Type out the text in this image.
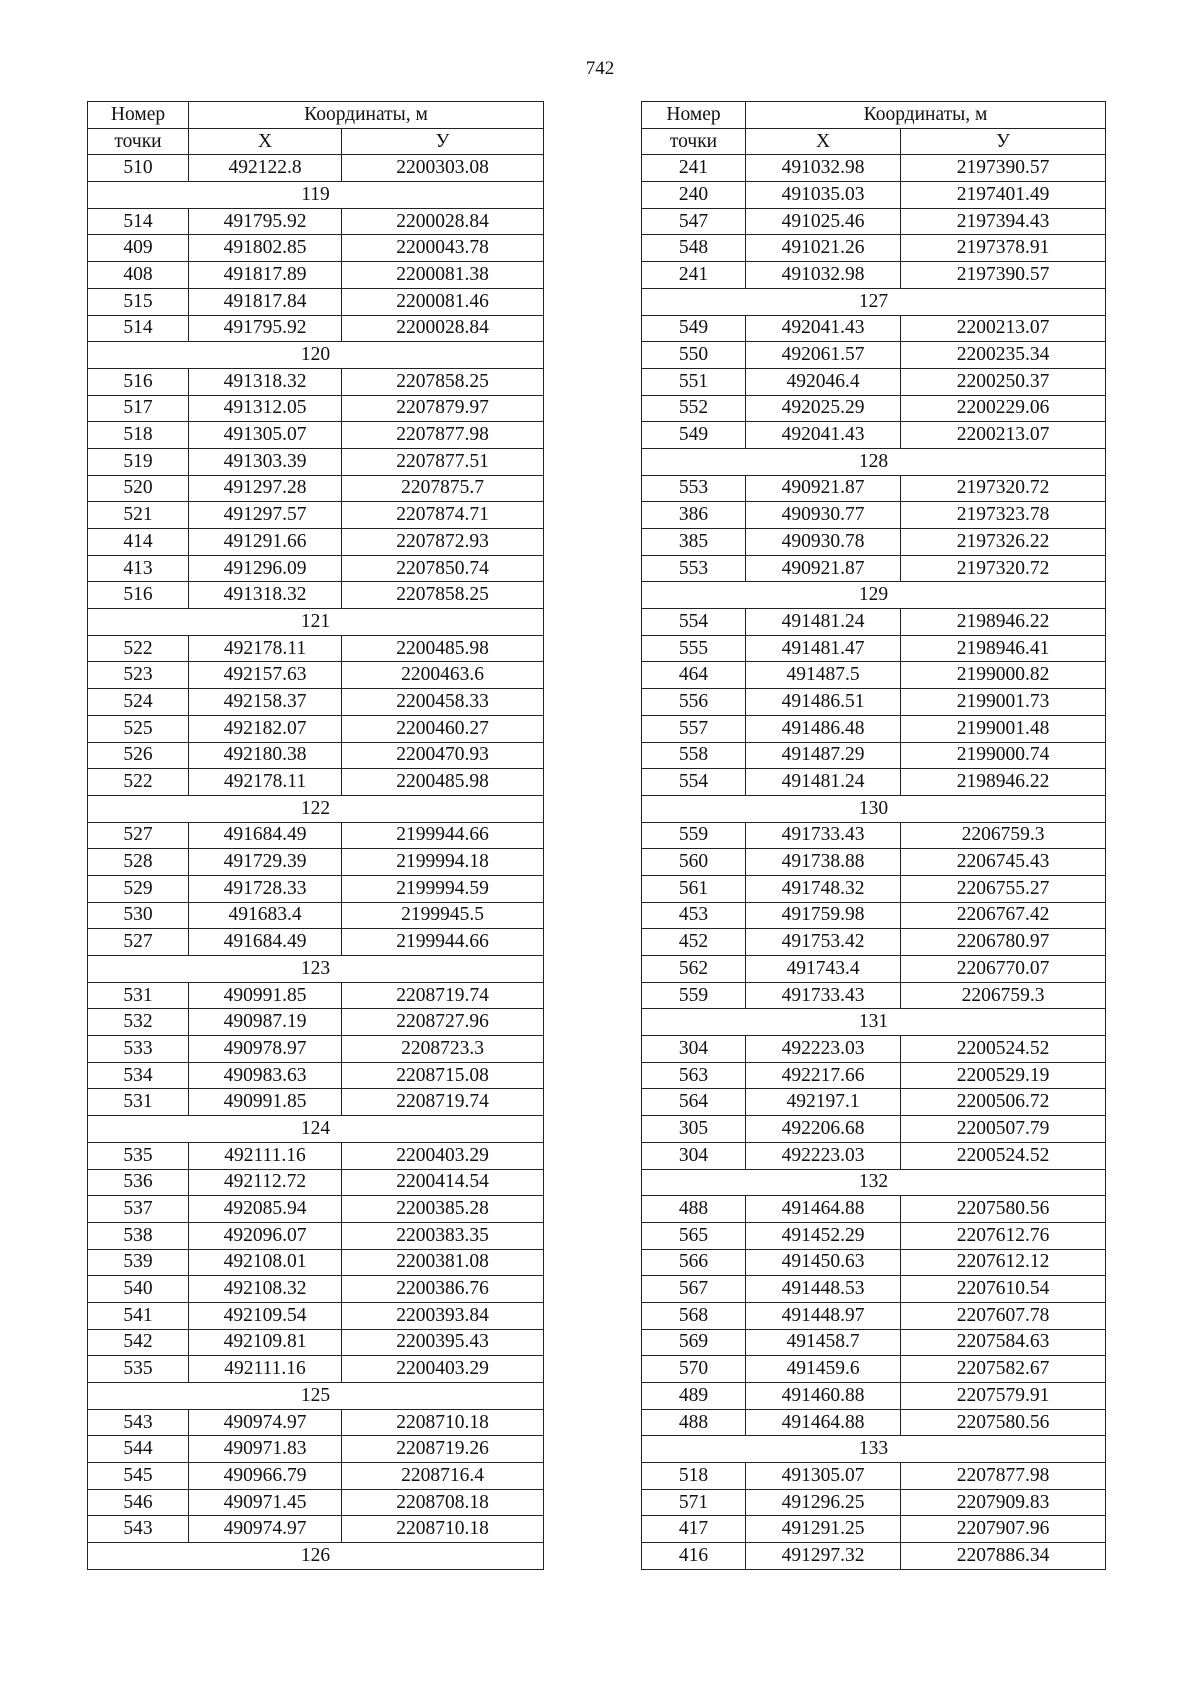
742
Номер	Координаты, м	
точки	X	У
510	492122.8	2200303.08
119		
514	491795.92	2200028.84
409	491802.85	2200043.78
408	491817.89	2200081.38
515	491817.84	2200081.46
514	491795.92	2200028.84
120		
516	491318.32	2207858.25
517	491312.05	2207879.97
518	491305.07	2207877.98
519	491303.39	2207877.51
520	491297.28	2207875.7
521	491297.57	2207874.71
414	491291.66	2207872.93
413	491296.09	2207850.74
516	491318.32	2207858.25
121		
522	492178.11	2200485.98
523	492157.63	2200463.6
524	492158.37	2200458.33
525	492182.07	2200460.27
526	492180.38	2200470.93
522	492178.11	2200485.98
122		
527	491684.49	2199944.66
528	491729.39	2199994.18
529	491728.33	2199994.59
530	491683.4	2199945.5
527	491684.49	2199944.66
123		
531	490991.85	2208719.74
532	490987.19	2208727.96
533	490978.97	2208723.3
534	490983.63	2208715.08
531	490991.85	2208719.74
124		
535	492111.16	2200403.29
536	492112.72	2200414.54
537	492085.94	2200385.28
538	492096.07	2200383.35
539	492108.01	2200381.08
540	492108.32	2200386.76
541	492109.54	2200393.84
542	492109.81	2200395.43
535	492111.16	2200403.29
125		
543	490974.97	2208710.18
544	490971.83	2208719.26
545	490966.79	2208716.4
546	490971.45	2208708.18
543	490974.97	2208710.18
126		
Номер	Координаты, м	
точки	X	У
241	491032.98	2197390.57
240	491035.03	2197401.49
547	491025.46	2197394.43
548	491021.26	2197378.91
241	491032.98	2197390.57
127		
549	492041.43	2200213.07
550	492061.57	2200235.34
551	492046.4	2200250.37
552	492025.29	2200229.06
549	492041.43	2200213.07
128		
553	490921.87	2197320.72
386	490930.77	2197323.78
385	490930.78	2197326.22
553	490921.87	2197320.72
129		
554	491481.24	2198946.22
555	491481.47	2198946.41
464	491487.5	2199000.82
556	491486.51	2199001.73
557	491486.48	2199001.48
558	491487.29	2199000.74
554	491481.24	2198946.22
130		
559	491733.43	2206759.3
560	491738.88	2206745.43
561	491748.32	2206755.27
453	491759.98	2206767.42
452	491753.42	2206780.97
562	491743.4	2206770.07
559	491733.43	2206759.3
131		
304	492223.03	2200524.52
563	492217.66	2200529.19
564	492197.1	2200506.72
305	492206.68	2200507.79
304	492223.03	2200524.52
132		
488	491464.88	2207580.56
565	491452.29	2207612.76
566	491450.63	2207612.12
567	491448.53	2207610.54
568	491448.97	2207607.78
569	491458.7	2207584.63
570	491459.6	2207582.67
489	491460.88	2207579.91
488	491464.88	2207580.56
133		
518	491305.07	2207877.98
571	491296.25	2207909.83
417	491291.25	2207907.96
416	491297.32	2207886.34
